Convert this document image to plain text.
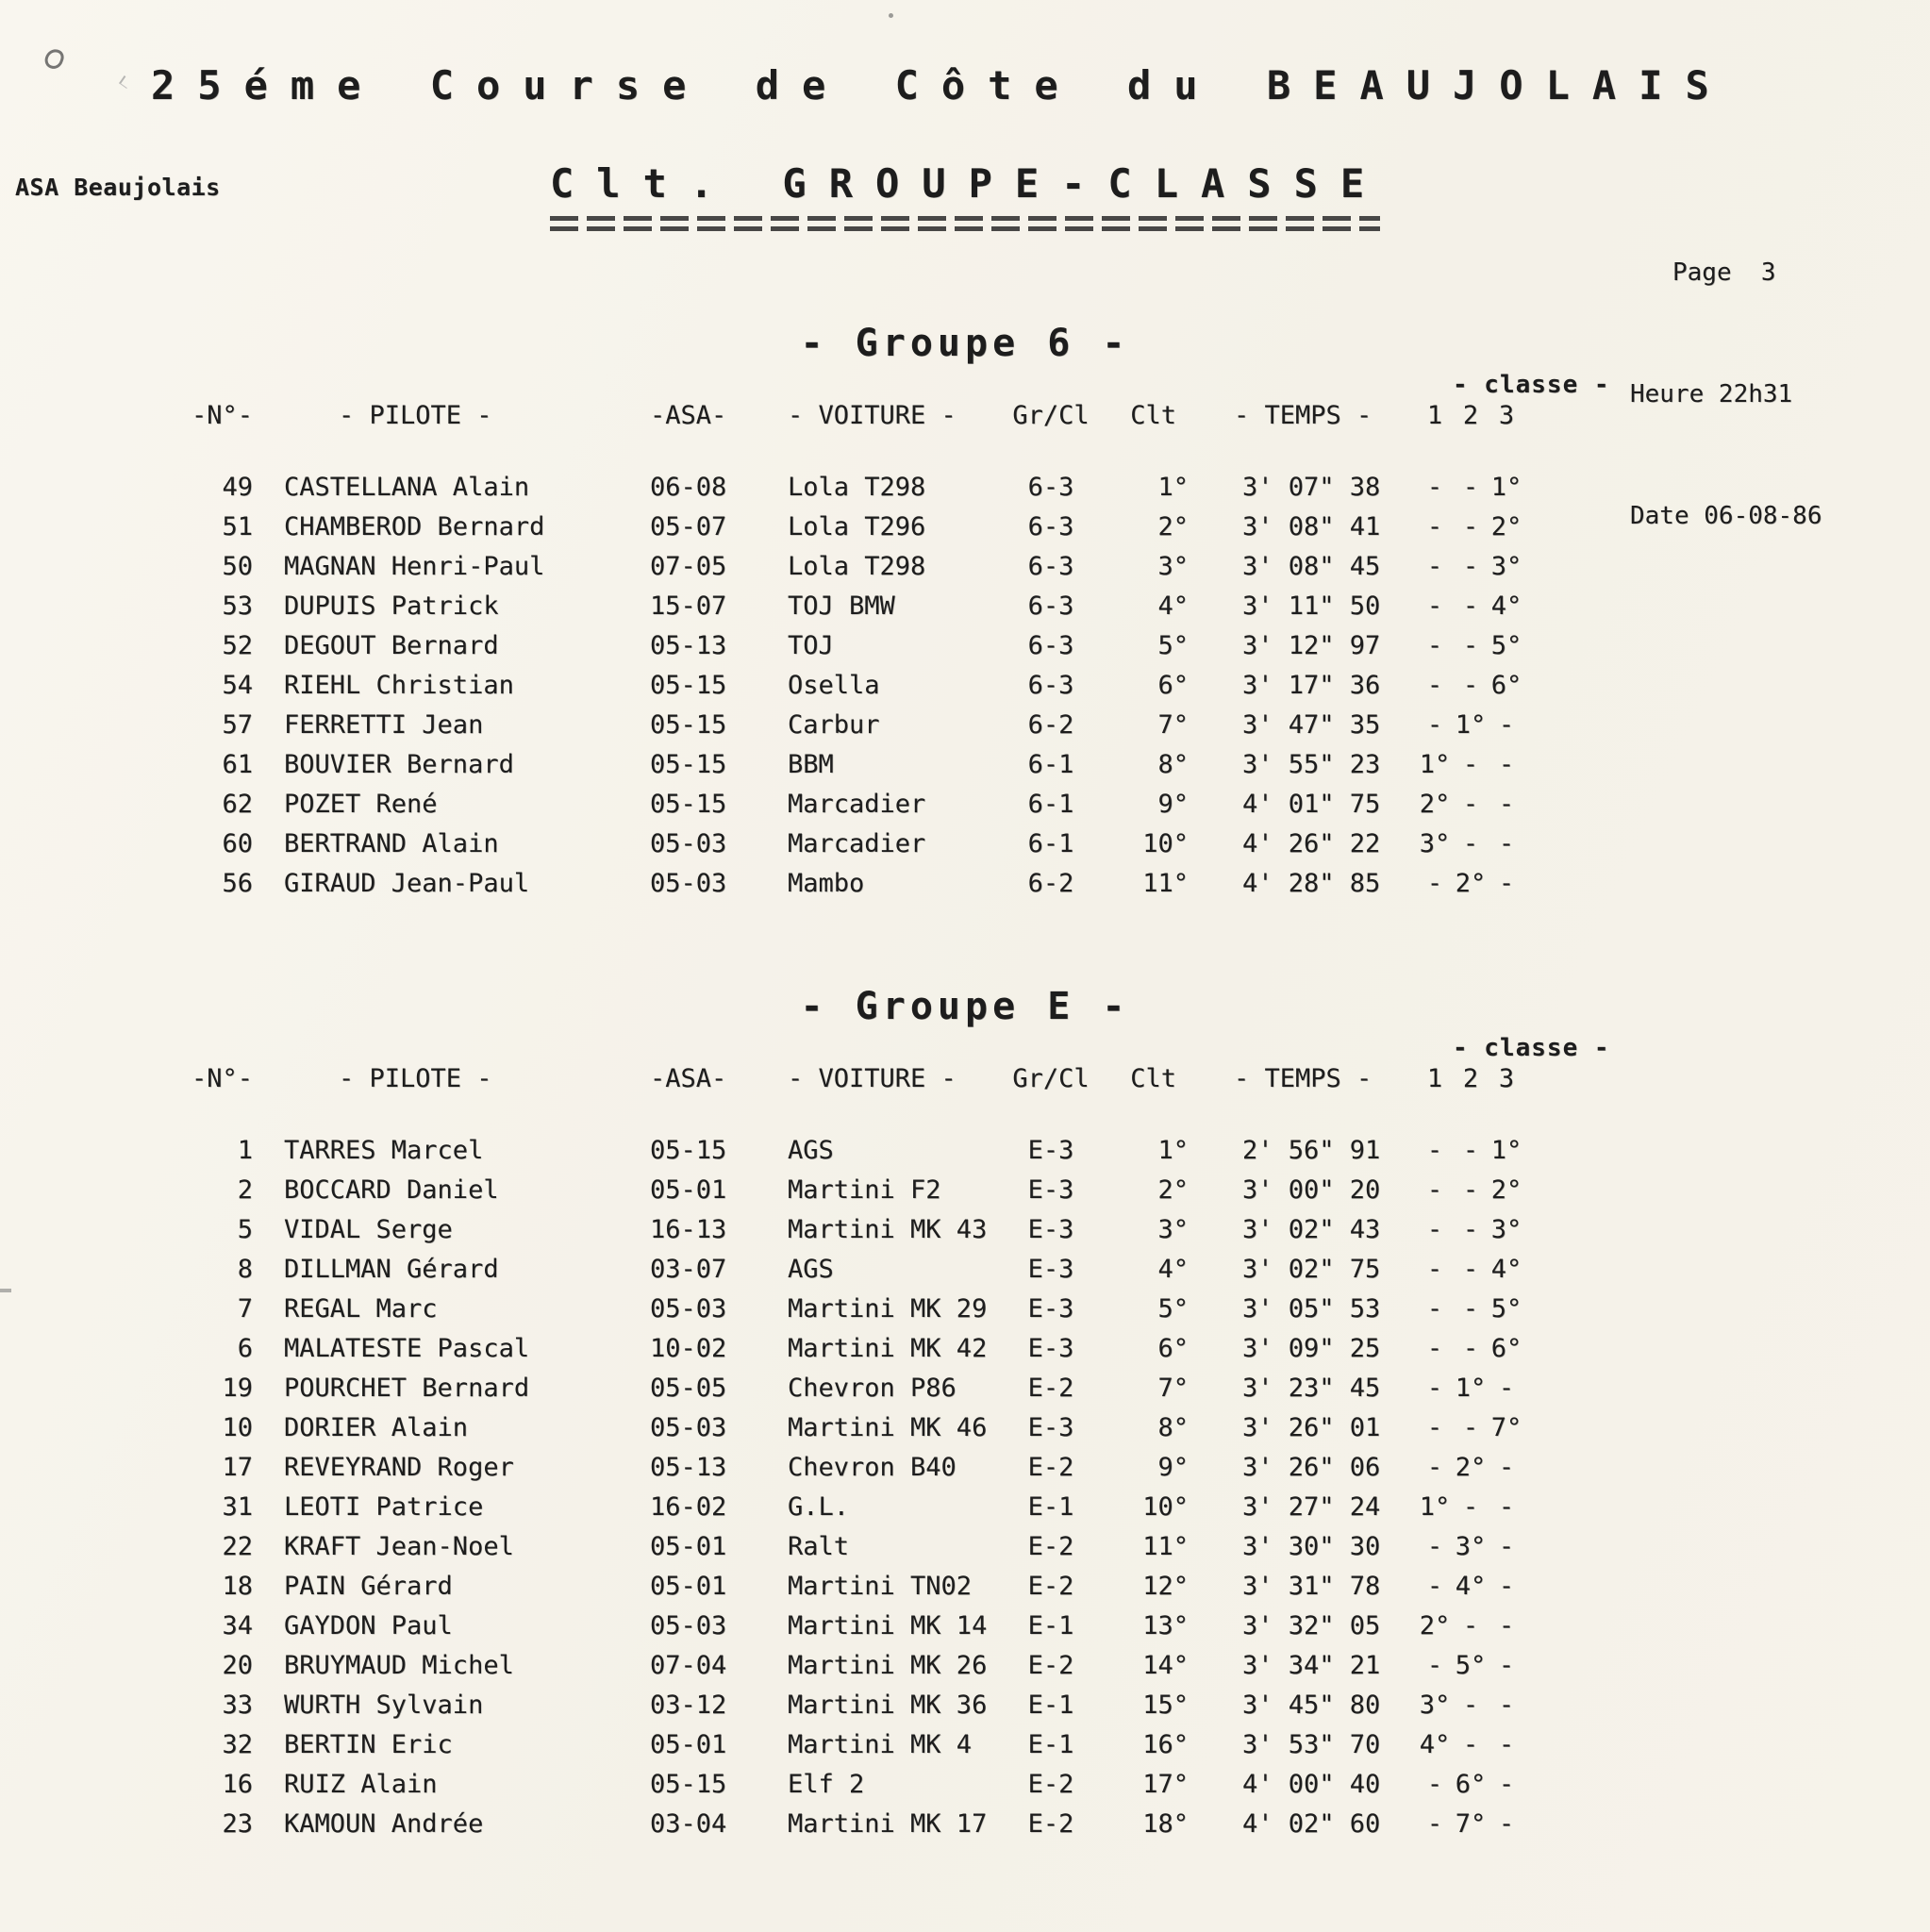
25éme Course de Côte du BEAUJOLAIS
ASA Beaujolais	Clt. GROUPE-CLASSE

Page  3

Heure 22h31

Date 06-08-86

- Groupe 6 -
- classe -
-N°-	- PILOTE -	-ASA-	- VOITURE -	Gr/Cl	Clt	- TEMPS -	1 2 3
49	CASTELLANA Alain	06-08	Lola T298	6-3	1°	3' 07" 38	- - 1°
51	CHAMBEROD Bernard	05-07	Lola T296	6-3	2°	3' 08" 41	- - 2°
50	MAGNAN Henri-Paul	07-05	Lola T298	6-3	3°	3' 08" 45	- - 3°
53	DUPUIS Patrick	15-07	TOJ BMW	6-3	4°	3' 11" 50	- - 4°
52	DEGOUT Bernard	05-13	TOJ	6-3	5°	3' 12" 97	- - 5°
54	RIEHL Christian	05-15	Osella	6-3	6°	3' 17" 36	- - 6°
57	FERRETTI Jean	05-15	Carbur	6-2	7°	3' 47" 35	- 1° -
61	BOUVIER Bernard	05-15	BBM	6-1	8°	3' 55" 23	1° - -
62	POZET René	05-15	Marcadier	6-1	9°	4' 01" 75	2° - -
60	BERTRAND Alain	05-03	Marcadier	6-1	10°	4' 26" 22	3° - -
56	GIRAUD Jean-Paul	05-03	Mambo	6-2	11°	4' 28" 85	- 2° -
- Groupe E -
- classe -
-N°-	- PILOTE -	-ASA-	- VOITURE -	Gr/Cl	Clt	- TEMPS -	1 2 3
1	TARRES Marcel	05-15	AGS	E-3	1°	2' 56" 91	- - 1°
2	BOCCARD Daniel	05-01	Martini F2	E-3	2°	3' 00" 20	- - 2°
5	VIDAL Serge	16-13	Martini MK 43	E-3	3°	3' 02" 43	- - 3°
8	DILLMAN Gérard	03-07	AGS	E-3	4°	3' 02" 75	- - 4°
7	REGAL Marc	05-03	Martini MK 29	E-3	5°	3' 05" 53	- - 5°
6	MALATESTE Pascal	10-02	Martini MK 42	E-3	6°	3' 09" 25	- - 6°
19	POURCHET Bernard	05-05	Chevron P86	E-2	7°	3' 23" 45	- 1° -
10	DORIER Alain	05-03	Martini MK 46	E-3	8°	3' 26" 01	- - 7°
17	REVEYRAND Roger	05-13	Chevron B40	E-2	9°	3' 26" 06	- 2° -
31	LEOTI Patrice	16-02	G.L.	E-1	10°	3' 27" 24	1° - -
22	KRAFT Jean-Noel	05-01	Ralt	E-2	11°	3' 30" 30	- 3° -
18	PAIN Gérard	05-01	Martini TN02	E-2	12°	3' 31" 78	- 4° -
34	GAYDON Paul	05-03	Martini MK 14	E-1	13°	3' 32" 05	2° - -
20	BRUYMAUD Michel	07-04	Martini MK 26	E-2	14°	3' 34" 21	- 5° -
33	WURTH Sylvain	03-12	Martini MK 36	E-1	15°	3' 45" 80	3° - -
32	BERTIN Eric	05-01	Martini MK 4	E-1	16°	3' 53" 70	4° - -
16	RUIZ Alain	05-15	Elf 2	E-2	17°	4' 00" 40	- 6° -
23	KAMOUN Andrée	03-04	Martini MK 17	E-2	18°	4' 02" 60	- 7° -
